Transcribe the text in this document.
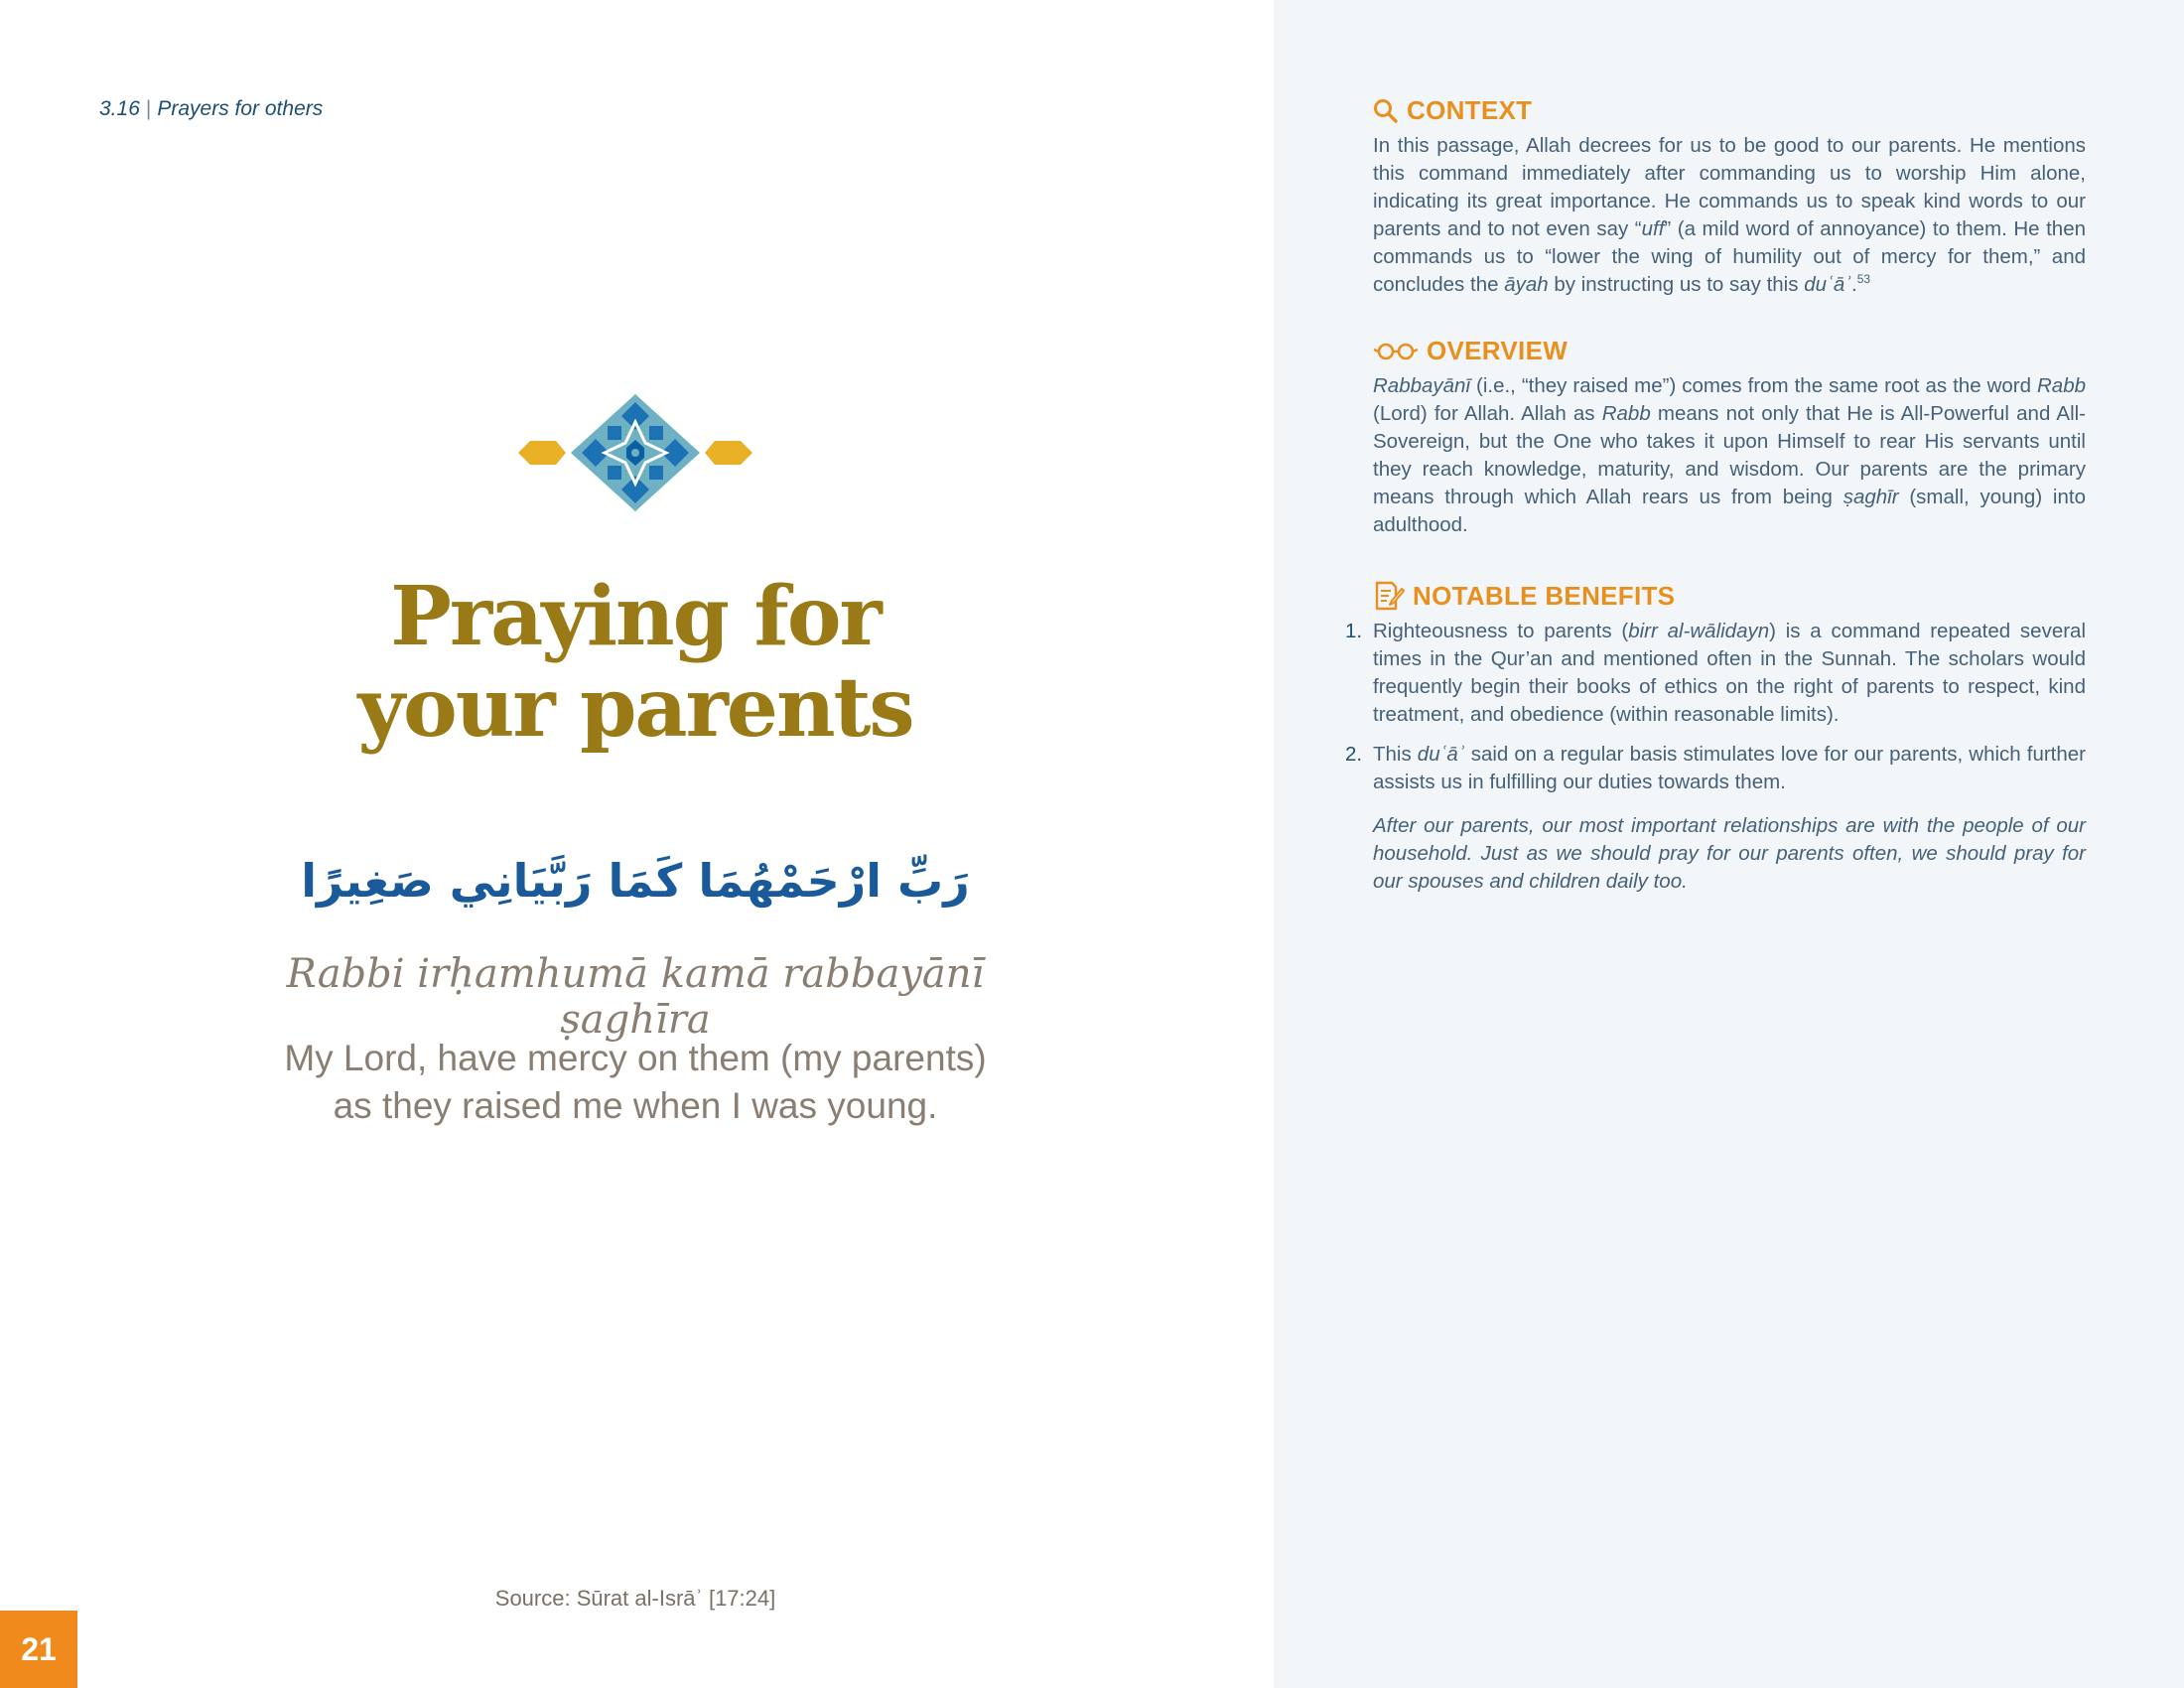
3.16 | Prayers for others
Praying for
your parents
رَبِّ ارْحَمْهُمَا كَمَا رَبَّيَانِي صَغِيرًا
Rabbi irḥamhumā kamā rabbayānī ṣaghīra
My Lord, have mercy on them (my parents)
as they raised me when I was young.
Source: Sūrat al-Isrāʾ [17:24]
21
CONTEXT

In this passage, Allah decrees for us to be good to our parents. He mentions this command immediately after commanding us to worship Him alone, indicating its great importance. He commands us to speak kind words to our parents and to not even say “uff” (a mild word of annoyance) to them. He then commands us to “lower the wing of humility out of mercy for them,” and concludes the āyah by instructing us to say this duʿāʾ.$^{53}$

OVERVIEW

Rabbayānī (i.e., “they raised me”) comes from the same root as the word Rabb (Lord) for Allah. Allah as Rabb means not only that He is All-Powerful and All-Sovereign, but the One who takes it upon Himself to rear His servants until they reach knowledge, maturity, and wisdom. Our parents are the primary means through which Allah rears us from being ṣaghīr (small, young) into adulthood.

NOTABLE BENEFITS
1. Righteousness to parents (birr al-wālidayn) is a command repeated several times in the Qur’an and mentioned often in the Sunnah. The scholars would frequently begin their books of ethics on the right of parents to respect, kind treatment, and obedience (within reasonable limits).

2. This duʿāʾ said on a regular basis stimulates love for our parents, which further assists us in fulfilling our duties towards them.

After our parents, our most important relationships are with the people of our household. Just as we should pray for our parents often, we should pray for our spouses and children daily too.
